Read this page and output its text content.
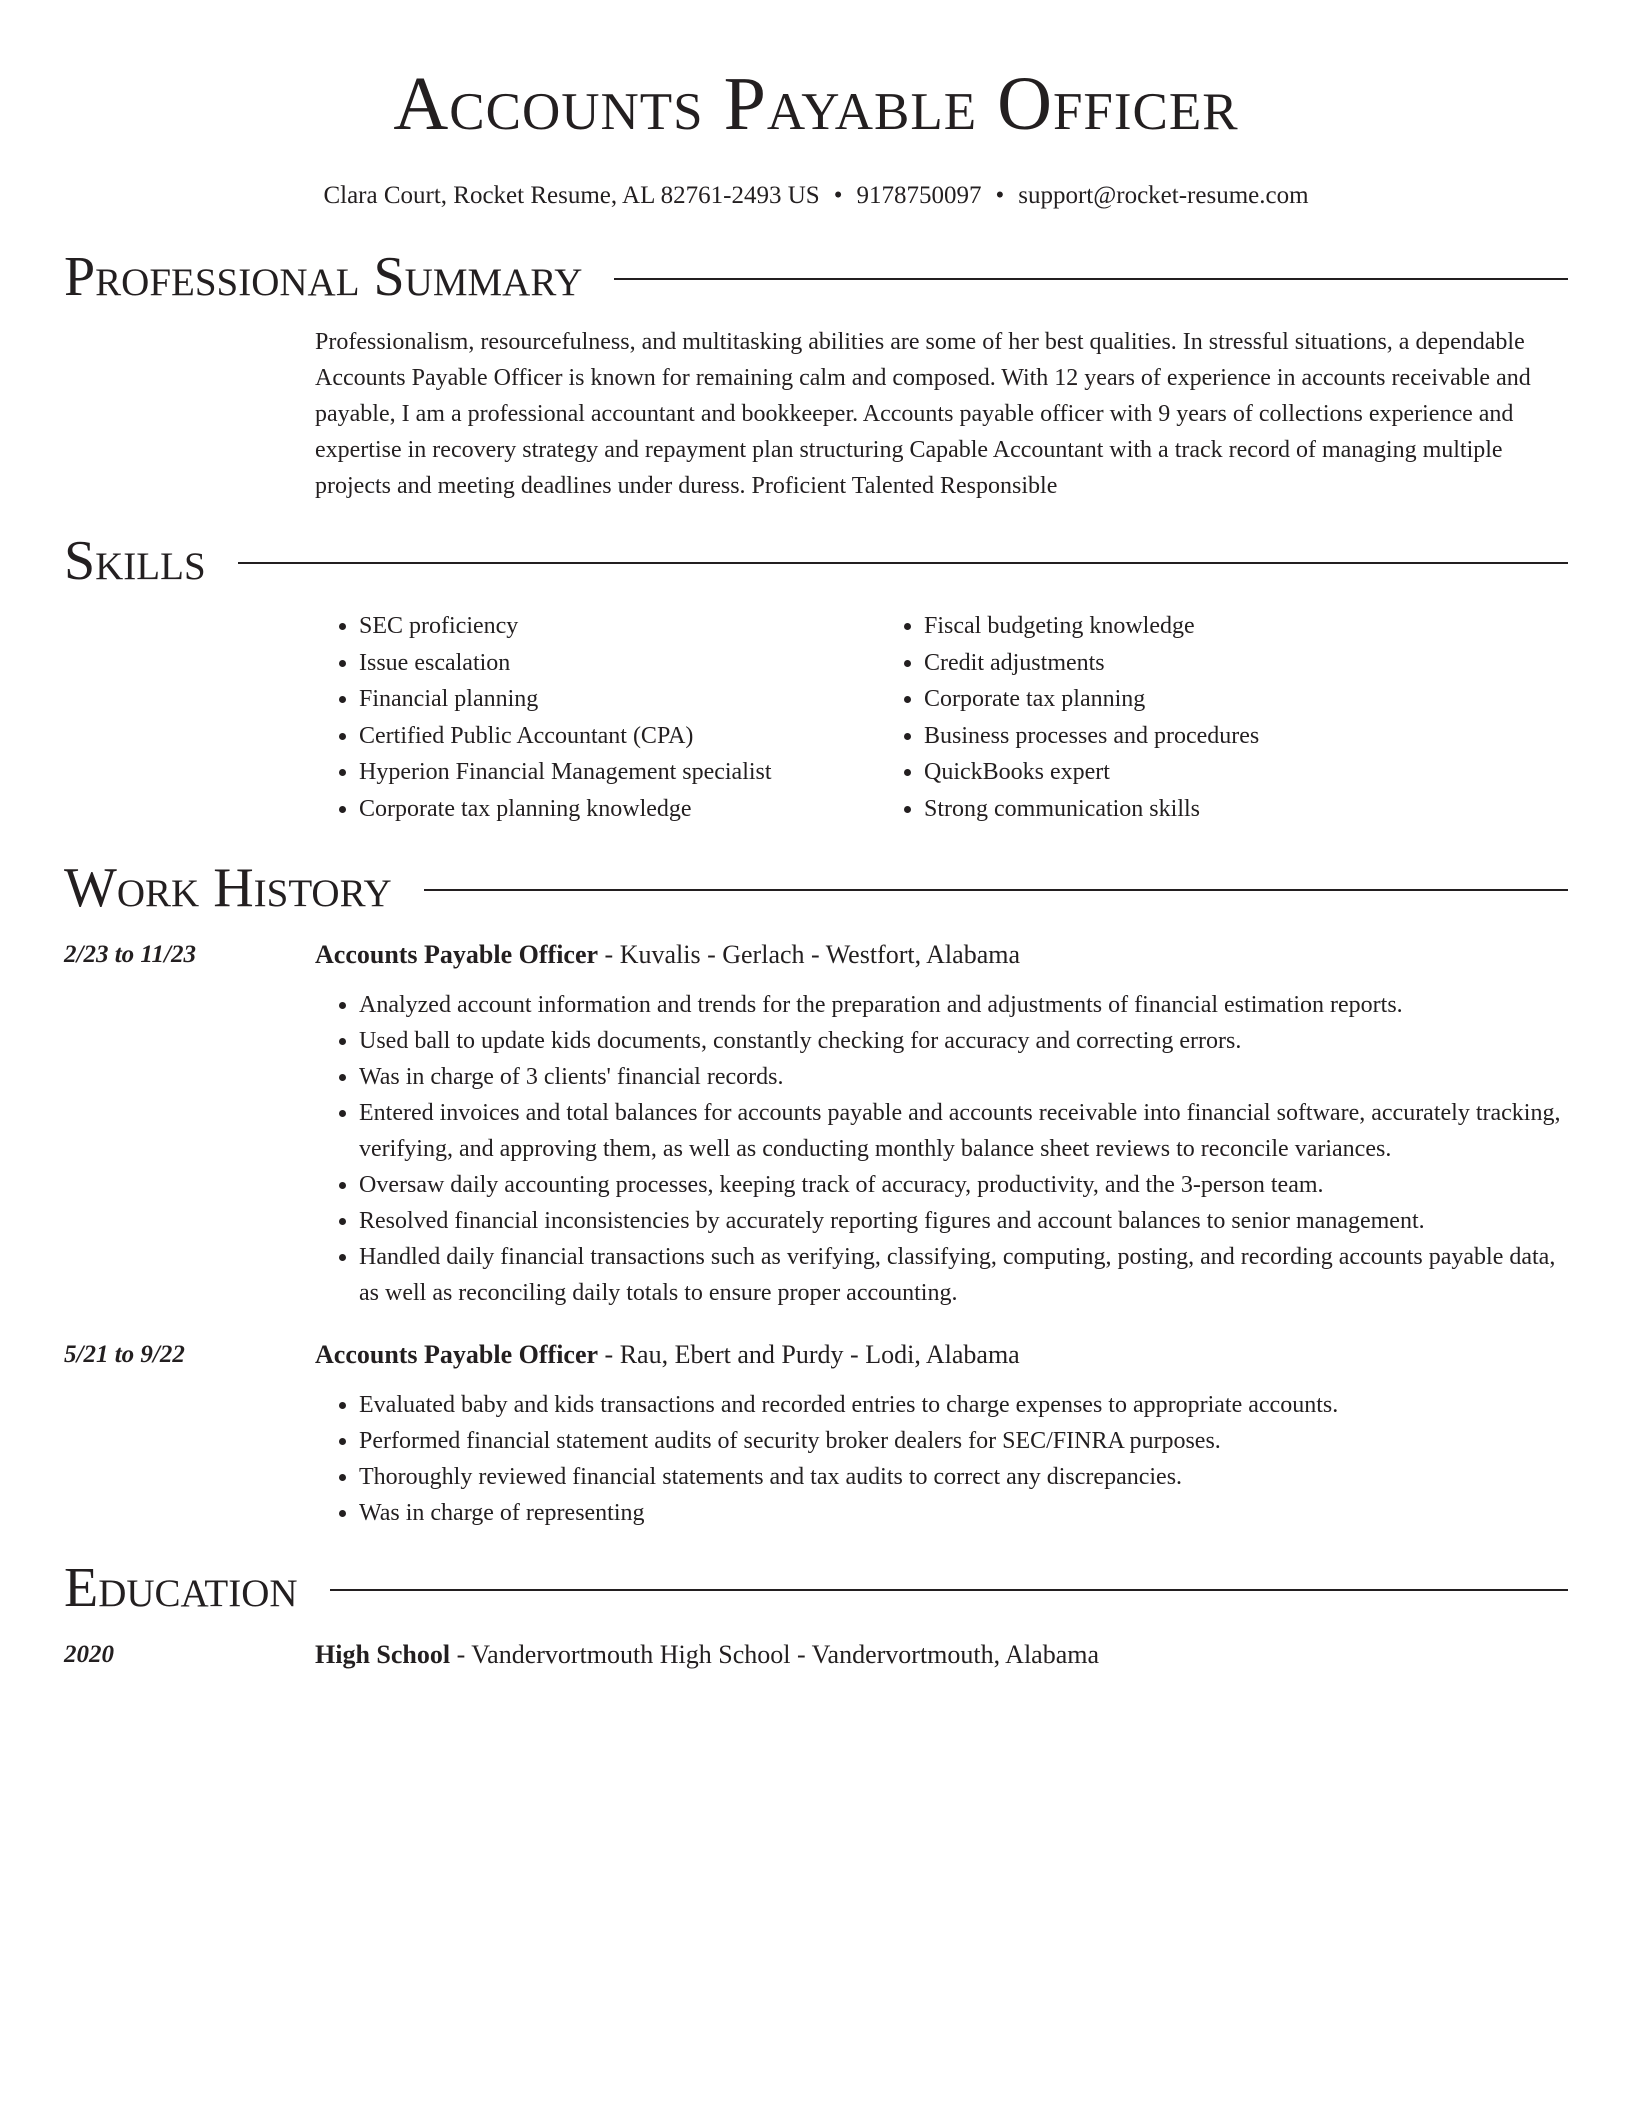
Accounts Payable Officer
Clara Court, Rocket Resume, AL 82761-2493 US • 9178750097 • support@rocket-resume.com
Professional Summary

Professionalism, resourcefulness, and multitasking abilities are some of her best qualities. In stressful situations, a dependable Accounts Payable Officer is known for remaining calm and composed. With 12 years of experience in accounts receivable and payable, I am a professional accountant and bookkeeper. Accounts payable officer with 9 years of collections experience and expertise in recovery strategy and repayment plan structuring Capable Accountant with a track record of managing multiple projects and meeting deadlines under duress. Proficient Talented Responsible

Skills
• SEC proficiency
• Issue escalation
• Financial planning
• Certified Public Accountant (CPA)
• Hyperion Financial Management specialist
• Corporate tax planning knowledge
• Fiscal budgeting knowledge
• Credit adjustments
• Corporate tax planning
• Business processes and procedures
• QuickBooks expert
• Strong communication skills
Work History
2/23 to 11/23	Accounts Payable Officer - Kuvalis - Gerlach - Westfort, Alabama
• Analyzed account information and trends for the preparation and adjustments of financial estimation reports.
• Used ball to update kids documents, constantly checking for accuracy and correcting errors.
• Was in charge of 3 clients' financial records.
• Entered invoices and total balances for accounts payable and accounts receivable into financial software, accurately tracking, verifying, and approving them, as well as conducting monthly balance sheet reviews to reconcile variances.
• Oversaw daily accounting processes, keeping track of accuracy, productivity, and the 3-person team.
• Resolved financial inconsistencies by accurately reporting figures and account balances to senior management.
• Handled daily financial transactions such as verifying, classifying, computing, posting, and recording accounts payable data, as well as reconciling daily totals to ensure proper accounting.
5/21 to 9/22	Accounts Payable Officer - Rau, Ebert and Purdy - Lodi, Alabama
• Evaluated baby and kids transactions and recorded entries to charge expenses to appropriate accounts.
• Performed financial statement audits of security broker dealers for SEC/FINRA purposes.
• Thoroughly reviewed financial statements and tax audits to correct any discrepancies.
• Was in charge of representing
Education
2020	High School - Vandervortmouth High School - Vandervortmouth, Alabama
